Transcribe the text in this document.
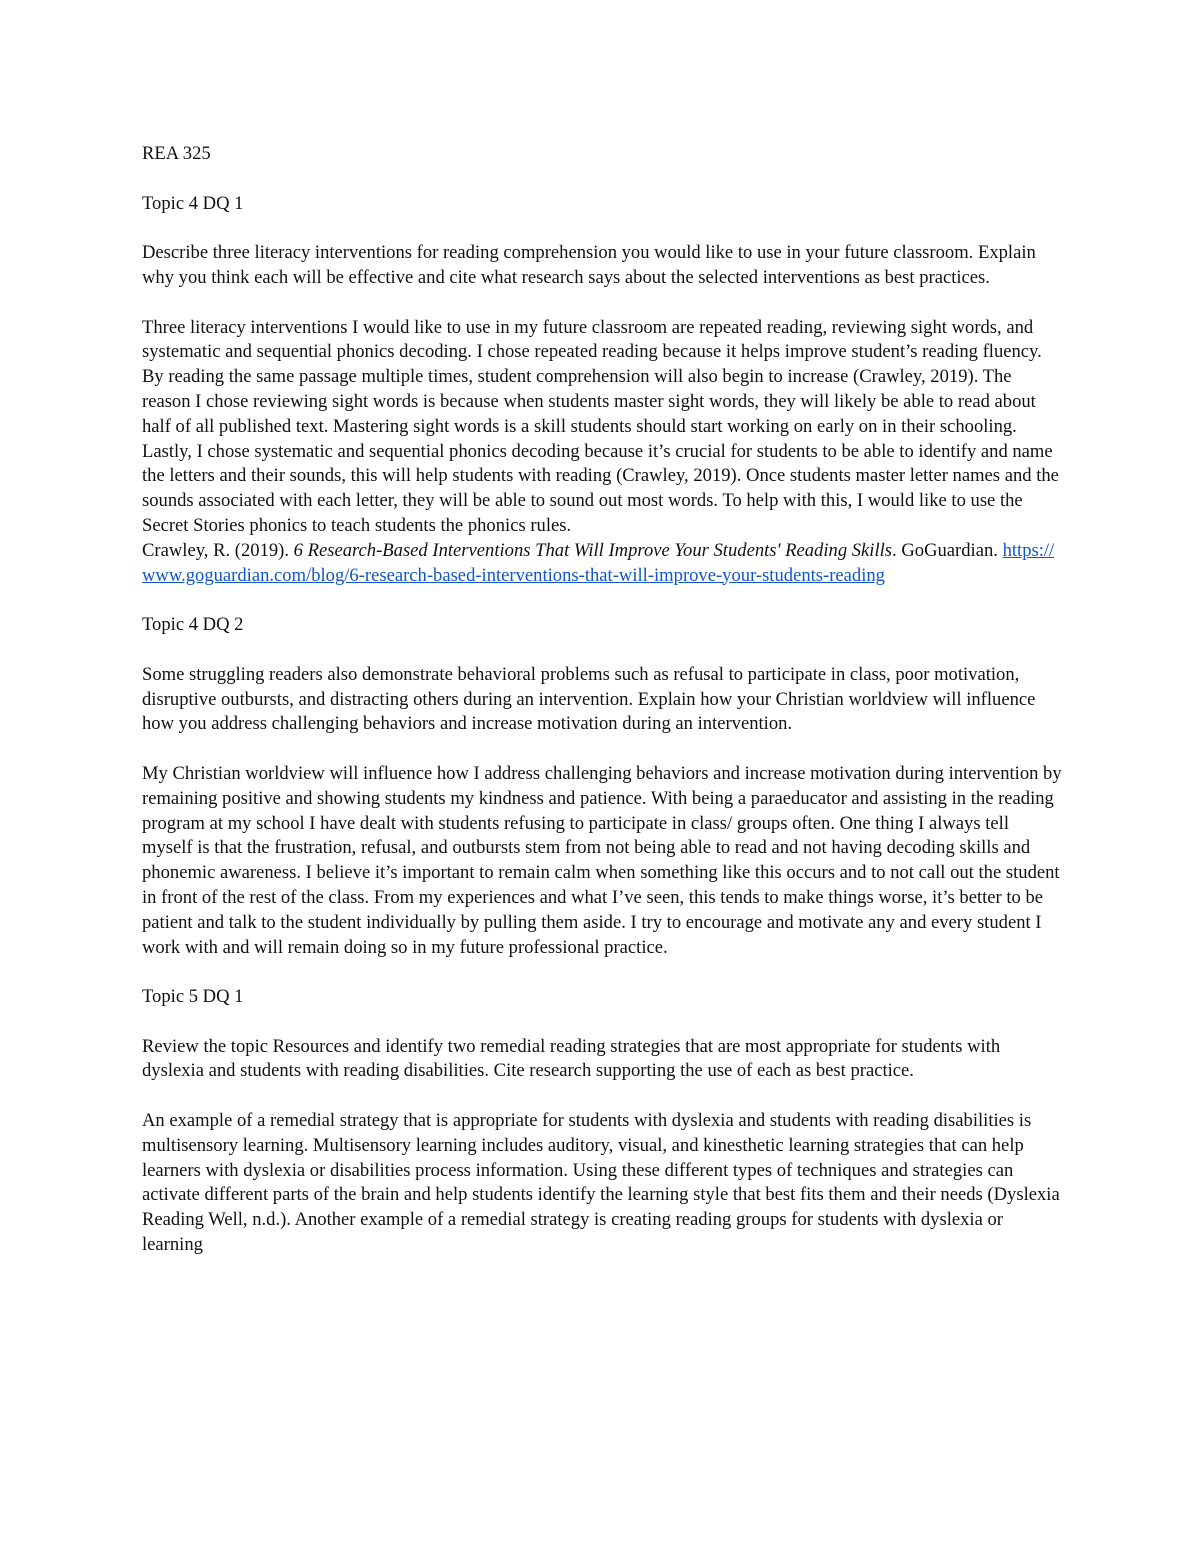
REA 325

Topic 4 DQ 1

Describe three literacy interventions for reading comprehension you would like to use in your future classroom. Explain why you think each will be effective and cite what research says about the selected interventions as best practices.

Three literacy interventions I would like to use in my future classroom are repeated reading, reviewing sight words, and systematic and sequential phonics decoding. I chose repeated reading because it helps improve student’s reading fluency. By reading the same passage multiple times, student comprehension will also begin to increase (Crawley, 2019). The reason I chose reviewing sight words is because when students master sight words, they will likely be able to read about half of all published text. Mastering sight words is a skill students should start working on early on in their schooling. Lastly, I chose systematic and sequential phonics decoding because it’s crucial for students to be able to identify and name the letters and their sounds, this will help students with reading (Crawley, 2019). Once students master letter names and the sounds associated with each letter, they will be able to sound out most words. To help with this, I would like to use the Secret Stories phonics to teach students the phonics rules.

Crawley, R. (2019). 6 Research-Based Interventions That Will Improve Your Students' Reading Skills. GoGuardian. https://www.goguardian.com/blog/6-research-based-interventions-that-will-improve-your-students-reading

Topic 4 DQ 2

Some struggling readers also demonstrate behavioral problems such as refusal to participate in class, poor motivation, disruptive outbursts, and distracting others during an intervention. Explain how your Christian worldview will influence how you address challenging behaviors and increase motivation during an intervention.

My Christian worldview will influence how I address challenging behaviors and increase motivation during intervention by remaining positive and showing students my kindness and patience. With being a paraeducator and assisting in the reading program at my school I have dealt with students refusing to participate in class/ groups often. One thing I always tell myself is that the frustration, refusal, and outbursts stem from not being able to read and not having decoding skills and phonemic awareness. I believe it’s important to remain calm when something like this occurs and to not call out the student in front of the rest of the class. From my experiences and what I’ve seen, this tends to make things worse, it’s better to be patient and talk to the student individually by pulling them aside. I try to encourage and motivate any and every student I work with and will remain doing so in my future professional practice.

Topic 5 DQ 1

Review the topic Resources and identify two remedial reading strategies that are most appropriate for students with dyslexia and students with reading disabilities. Cite research supporting the use of each as best practice.

An example of a remedial strategy that is appropriate for students with dyslexia and students with reading disabilities is multisensory learning. Multisensory learning includes auditory, visual, and kinesthetic learning strategies that can help learners with dyslexia or disabilities process information. Using these different types of techniques and strategies can activate different parts of the brain and help students identify the learning style that best fits them and their needs (Dyslexia Reading Well, n.d.). Another example of a remedial strategy is creating reading groups for students with dyslexia or learning
